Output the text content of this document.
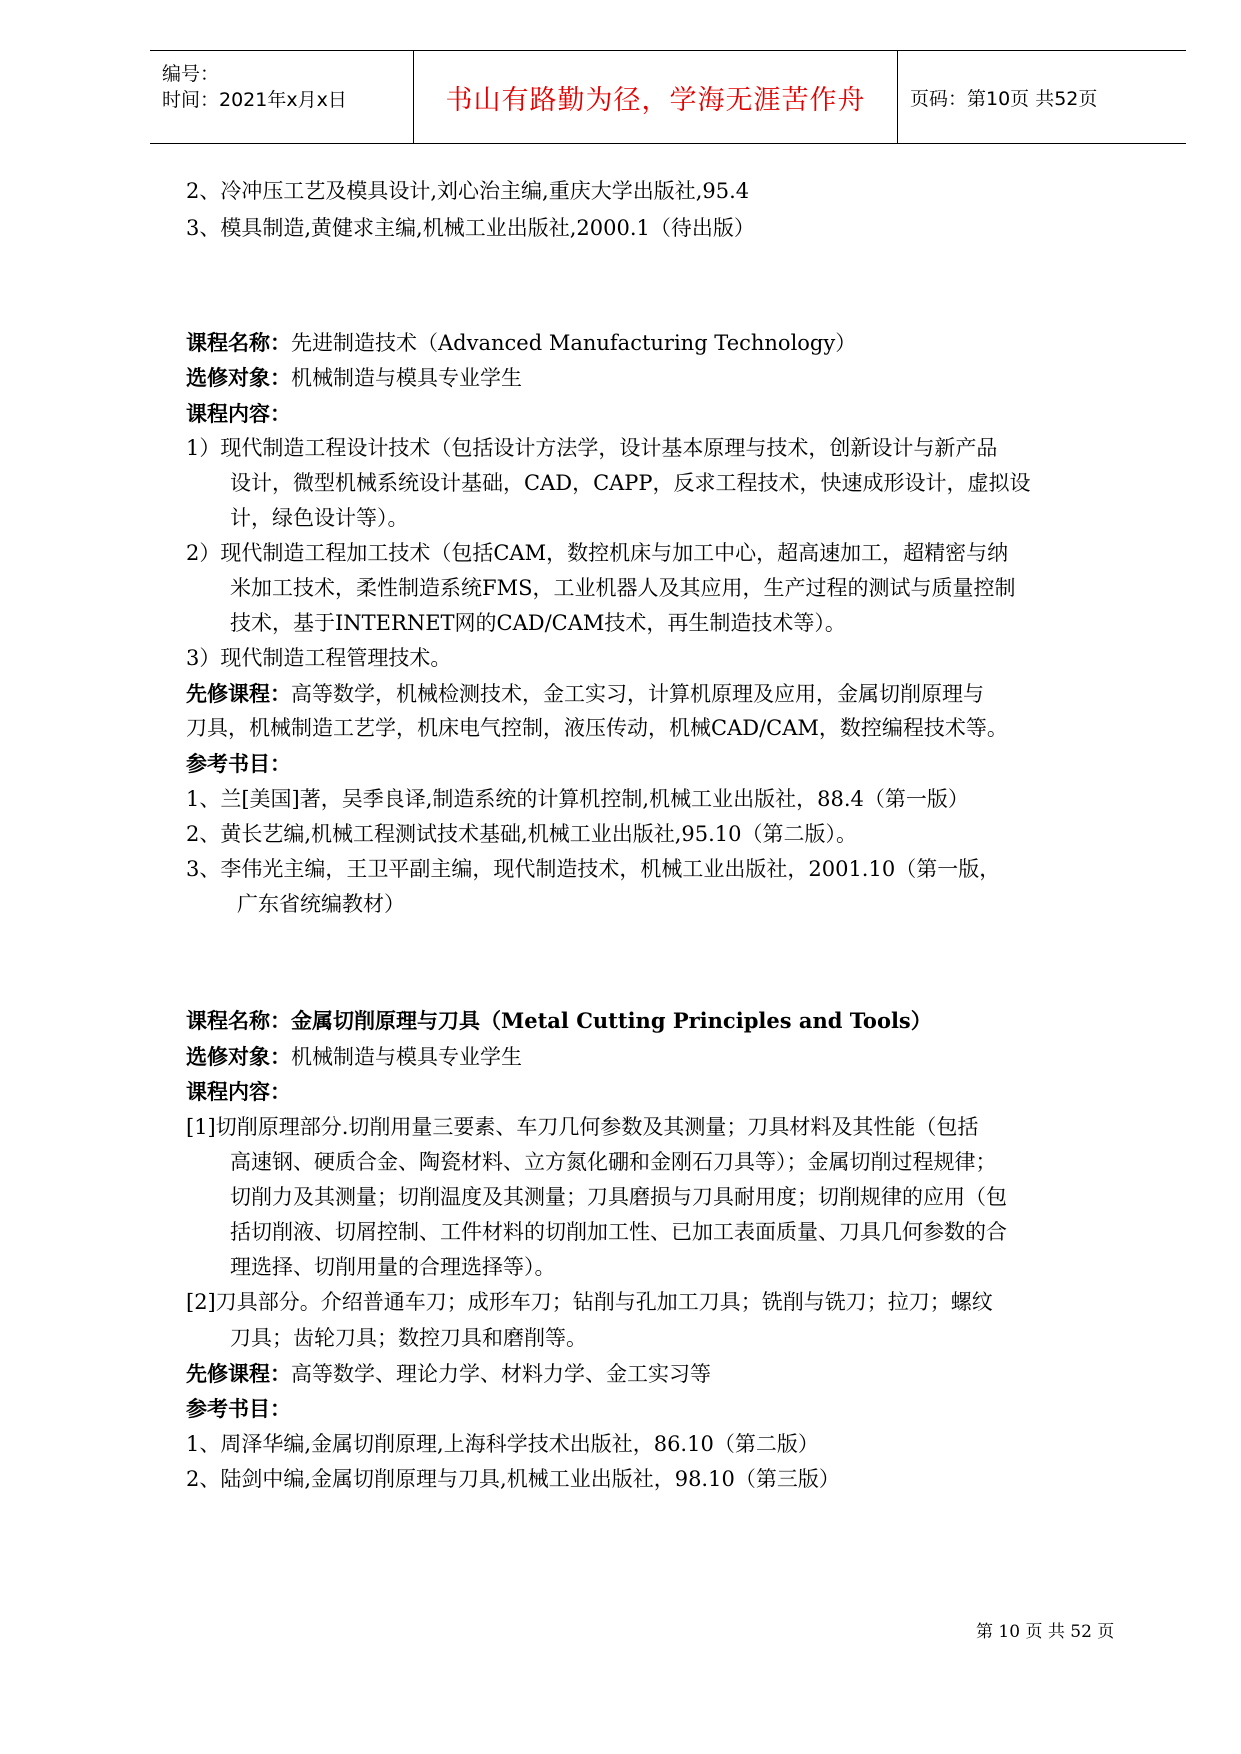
编号：
时间：2021年x月x日	书山有路勤为径，学海无涯苦作舟 页码：第10页 共52页
2、冷冲压工艺及模具设计,刘心治主编,重庆大学出版社,95.4
3、模具制造,黄健求主编,机械工业出版社,2000.1（待出版）
课程名称：先进制造技术（Advanced Manufacturing Technology）
选修对象：机械制造与模具专业学生
课程内容：
1）现代制造工程设计技术（包括设计方法学，设计基本原理与技术，创新设计与新产品
设计，微型机械系统设计基础，CAD，CAPP，反求工程技术，快速成形设计，虚拟设
计，绿色设计等）。
2）现代制造工程加工技术（包括CAM，数控机床与加工中心，超高速加工，超精密与纳
米加工技术，柔性制造系统FMS，工业机器人及其应用，生产过程的测试与质量控制
技术，基于INTERNET网的CAD/CAM技术，再生制造技术等）。
3）现代制造工程管理技术。
先修课程：高等数学，机械检测技术，金工实习，计算机原理及应用，金属切削原理与
刀具，机械制造工艺学，机床电气控制，液压传动，机械CAD/CAM，数控编程技术等。
参考书目：
1、兰[美国]著，吴季良译,制造系统的计算机控制,机械工业出版社，88.4（第一版）
2、黄长艺编,机械工程测试技术基础,机械工业出版社,95.10（第二版）。
3、李伟光主编，王卫平副主编，现代制造技术，机械工业出版社，2001.10（第一版，
广东省统编教材）
课程名称：金属切削原理与刀具（Metal Cutting Principles and Tools）
选修对象：机械制造与模具专业学生
课程内容：
[1]切削原理部分.切削用量三要素、车刀几何参数及其测量；刀具材料及其性能（包括
高速钢、硬质合金、陶瓷材料、立方氮化硼和金刚石刀具等）；金属切削过程规律；
切削力及其测量；切削温度及其测量；刀具磨损与刀具耐用度；切削规律的应用（包
括切削液、切屑控制、工件材料的切削加工性、已加工表面质量、刀具几何参数的合
理选择、切削用量的合理选择等）。
[2]刀具部分。介绍普通车刀；成形车刀；钻削与孔加工刀具；铣削与铣刀；拉刀；螺纹
刀具；齿轮刀具；数控刀具和磨削等。
先修课程：高等数学、理论力学、材料力学、金工实习等
参考书目：
1、周泽华编,金属切削原理,上海科学技术出版社，86.10（第二版）
2、陆剑中编,金属切削原理与刀具,机械工业出版社，98.10（第三版）
第 10 页 共 52 页
